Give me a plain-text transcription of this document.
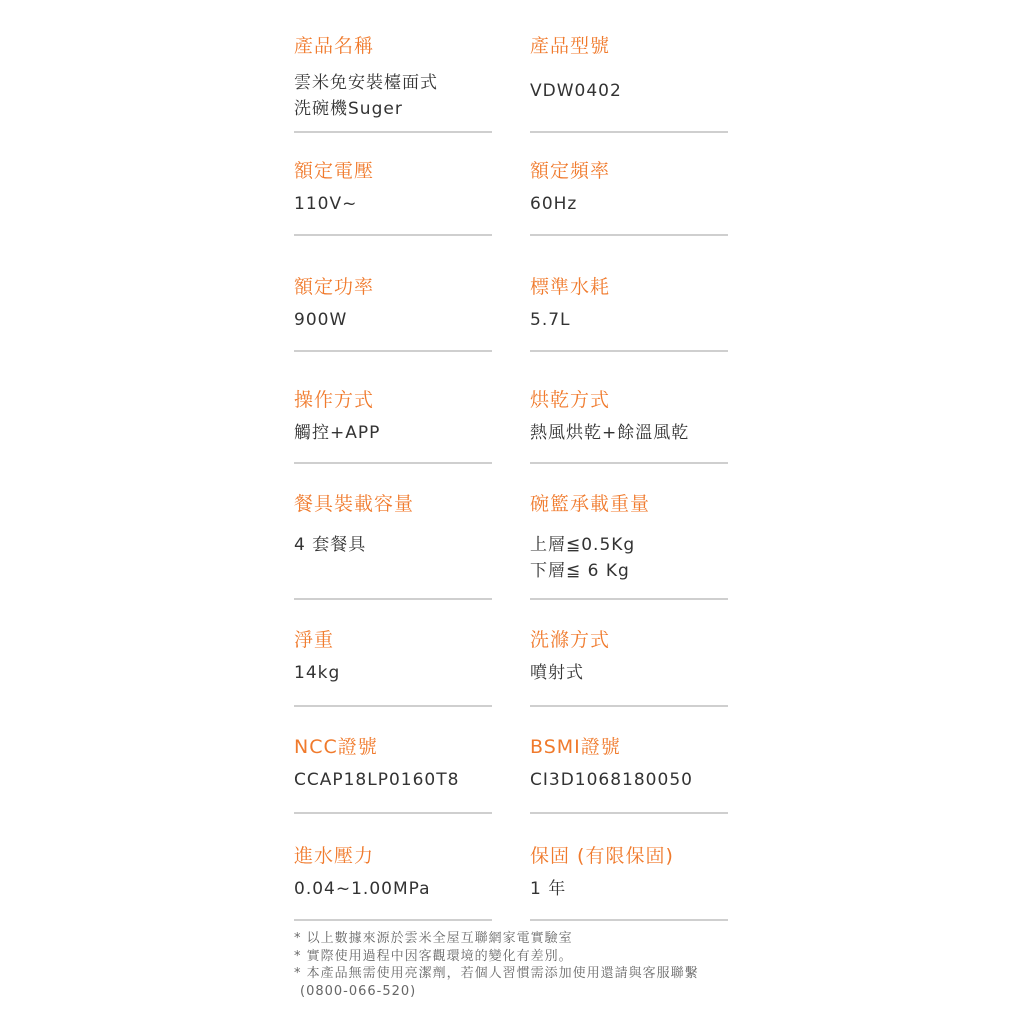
產品名稱
雲米免安裝檯面式
洗碗機Suger
產品型號
VDW0402
額定電壓
110V~
額定頻率
60Hz
額定功率
900W
標準水耗
5.7L
操作方式
觸控+APP
烘乾方式
熱風烘乾+餘溫風乾
餐具裝載容量
4 套餐具
碗籃承載重量
上層≦0.5Kg
下層≦ 6 Kg
淨重
14kg
洗滌方式
噴射式
NCC證號
CCAP18LP0160T8
BSMI證號
CI3D1068180050
進水壓力
0.04~1.00MPa
保固 (有限保固)
1 年
* 以上數據來源於雲米全屋互聯網家電實驗室
* 實際使用過程中因客觀環境的變化有差別。
* 本產品無需使用亮潔劑，若個人習慣需添加使用還請與客服聯繫
(0800-066-520)
